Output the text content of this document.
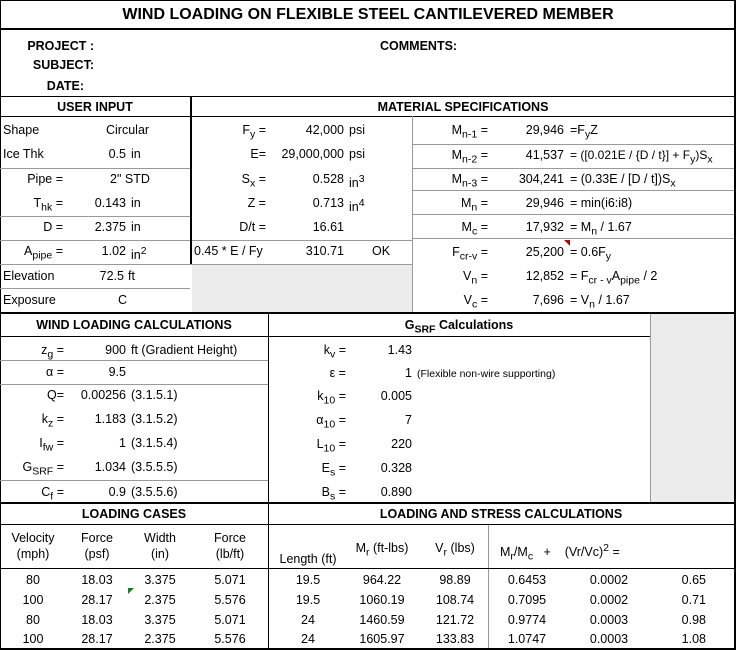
WIND LOADING ON FLEXIBLE STEEL CANTILEVERED MEMBER
PROJECT :
SUBJECT:
DATE:
COMMENTS:
USER INPUT	MATERIAL SPECIFICATIONS
WIND LOADING CALCULATIONS	$G_{SRF}$ Calculations
LOADING CASES	LOADING AND STRESS CALCULATIONS
Shape	Circular
Ice Thk	0.5 in
Pipe =	2" STD
$T_{hk}$ =	0.143 in
D =	2.375 in
$A_{pipe}$ =	1.02 $in^2$
Elevation	72.5 ft
Exposure	C
$F_y$ =	42,000 psi
E=	29,000,000 psi
$S_x$ =	0.528 $in^3$
Z =	0.713 $in^4$
D/t =	16.61
0.45 * E / Fy	310.71 OK
$M_{n-1}$ =	$29,946 =F_yZ$
$M_{n-2}$ =	$41,537 = ([0.021E / \{D / t\}] + F_y)S_x$
$M_{n-3}$ =	$304,241 = (0.33E / [D / t])S_x$
$M_n$ =	29,946 = min(i6:i8)
$M_c$ =	$17,932 = M_n / 1.67$
$F_{cr-v}$ =	$25,200 = 0.6F_y$
$V_n$ =	$12,852 = F_{cr - v}A_{pipe} / 2$
$V_c$ =	$7,696 = V_n / 1.67$
$z_g$ =	900 ft (Gradient Height)
α =	9.5
Q=	0.00256 (3.1.5.1)
$k_z$ =	1.183 (3.1.5.2)
$I_{fw}$ =	1 (3.1.5.4)
$G_{SRF}$ =	1.034 (3.5.5.5)
$C_f$ =	0.9 (3.5.5.6)
$k_v$ =	1.43
ε =	1 (Flexible non-wire supporting)
$k_{10}$ =	0.005
$\alpha_{10}$ =	7
$L_{10}$ =	220
$E_s$ =	0.328
$B_s$ =	0.890
Velocity
(mph)
Force
(psf)
Width
(in)
Force
(lb/ft)	Length (ft)
$M_r$ (ft-lbs)	$V_r$ (lbs)	$M_r/M_c$ +    $(Vr/Vc)^2$ =
80	18.03	3.375	5.071	19.5	964.22	98.89	0.6453	0.0002	0.65
100	28.17	2.375	5.576	19.5	1060.19	108.74	0.7095	0.0002	0.71
80	18.03	3.375	5.071	24	1460.59	121.72	0.9774	0.0003	0.98
100	28.17	2.375	5.576	24	1605.97	133.83	1.0747	0.0003	1.08
